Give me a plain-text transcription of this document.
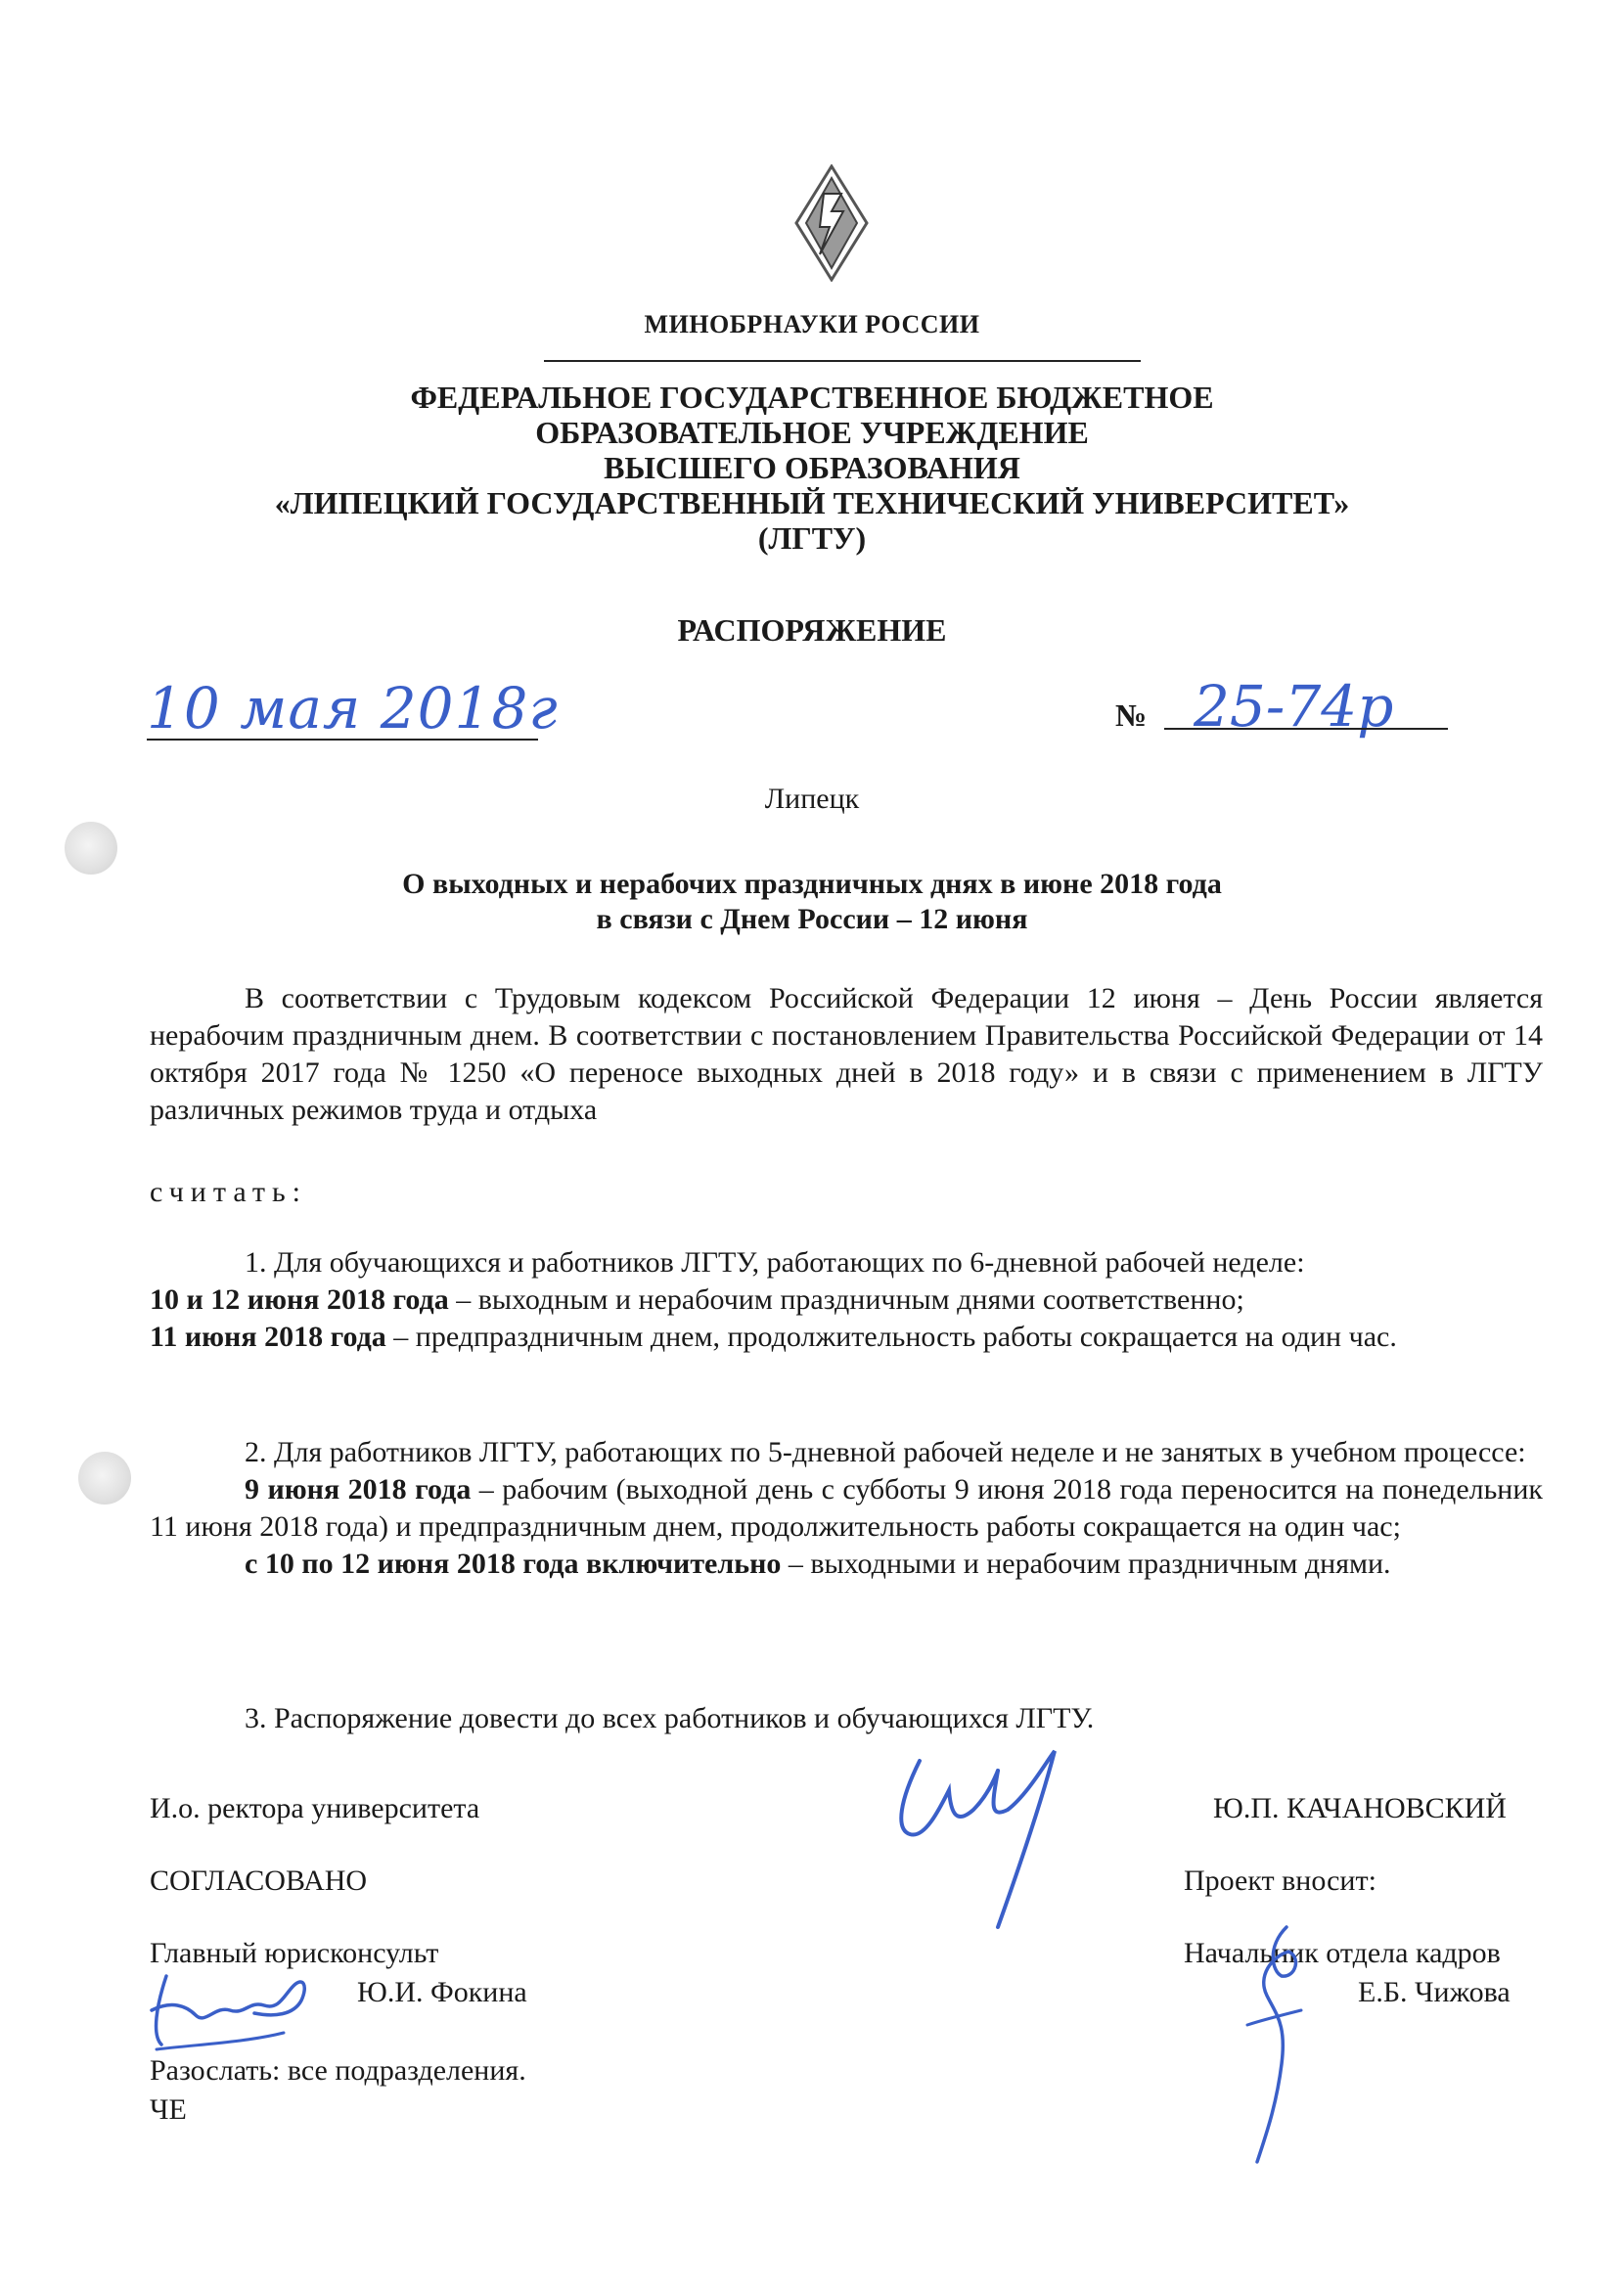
МИНОБРНАУКИ РОССИИ
ФЕДЕРАЛЬНОЕ ГОСУДАРСТВЕННОЕ БЮДЖЕТНОЕ
ОБРАЗОВАТЕЛЬНОЕ УЧРЕЖДЕНИЕ
ВЫСШЕГО ОБРАЗОВАНИЯ
«ЛИПЕЦКИЙ ГОСУДАРСТВЕННЫЙ ТЕХНИЧЕСКИЙ УНИВЕРСИТЕТ»
(ЛГТУ)
РАСПОРЯЖЕНИЕ
10 мая 2018г	№ 25-74р
Липецк
О выходных и нерабочих праздничных днях в июне 2018 года
в связи с Днем России – 12 июня
В соответствии с Трудовым кодексом Российской Федерации 12 июня – День России является нерабочим праздничным днем. В соответствии с постановлением Правительства Российской Федерации от 14 октября 2017 года № 1250 «О переносе выходных дней в 2018 году» и в связи с применением в ЛГТУ различных режимов труда и отдыха
считать:
1. Для обучающихся и работников ЛГТУ, работающих по 6-дневной рабочей неделе:
10 и 12 июня 2018 года – выходным и нерабочим праздничным днями соответственно;
11 июня 2018 года – предпраздничным днем, продолжительность работы сокращается на один час.
2. Для работников ЛГТУ, работающих по 5-дневной рабочей неделе и не занятых в учебном процессе:
9 июня 2018 года – рабочим (выходной день с субботы 9 июня 2018 года переносится на понедельник 11 июня 2018 года) и предпраздничным днем, продолжительность работы сокращается на один час;
с 10 по 12 июня 2018 года включительно – выходными и нерабочим праздничным днями.
3. Распоряжение довести до всех работников и обучающихся ЛГТУ.
И.о. ректора университета	Ю.П. КАЧАНОВСКИЙ
СОГЛАСОВАНО	Проект вносит:
Главный юрисконсульт	Начальник отдела кадров
Ю.И. Фокина	Е.Б. Чижова
Разослать: все подразделения.
ЧЕ
